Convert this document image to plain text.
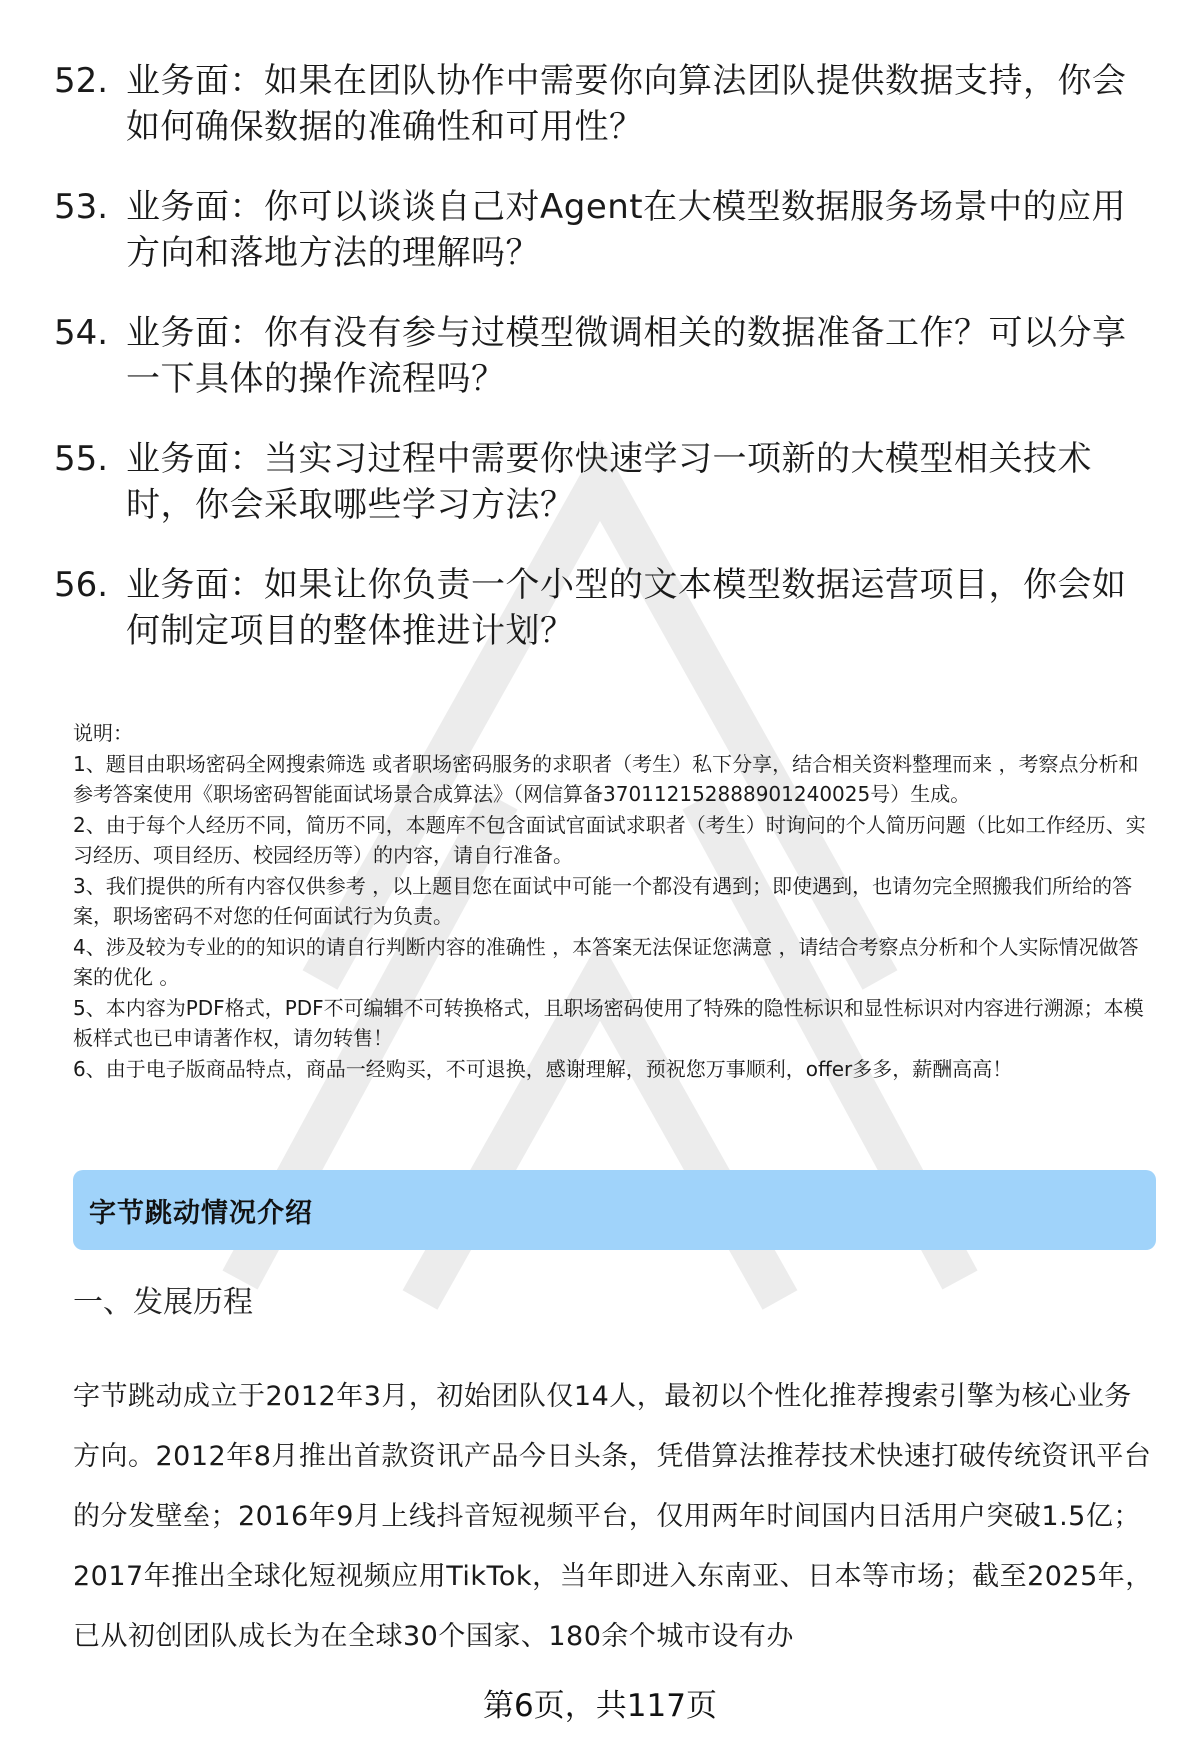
52. 业务面：如果在团队协作中需要你向算法团队提供数据支持，你会如何确保数据的准确性和可用性？
53. 业务面：你可以谈谈自己对Agent在大模型数据服务场景中的应用方向和落地方法的理解吗？
54. 业务面：你有没有参与过模型微调相关的数据准备工作？可以分享一下具体的操作流程吗？
55. 业务面：当实习过程中需要你快速学习一项新的大模型相关技术时，你会采取哪些学习方法？
56. 业务面：如果让你负责一个小型的文本模型数据运营项目，你会如何制定项目的整体推进计划？

说明：

1、题目由职场密码全网搜索筛选 或者职场密码服务的求职者（考生）私下分享，结合相关资料整理而来 ，考察点分析和参考答案使用《职场密码智能面试场景合成算法》（网信算备37011215288890124002​5号）生成。

2、由于每个人经历不同，简历不同，本题库不包含面试官面试求职者（考生）时询问的个人简历问题（比如工作经历、实习经历、项目经历、校园经历等）的内容，请自行准备。

3、我们提供的所有内容仅供参考 ，以上题目您在面试中可能一个都没有遇到；即使遇到，也请勿完全照搬我们所给的答案，职场密码不对您的任何面试行为负责。

4、涉及较为专业的的知识的请自行判断内容的准确性 ，本答案无法保证您满意 ，请结合考察点分析和个人实际情况做答案的优化 。

5、本内容为PDF格式，PDF不可编辑不可转换格式，且职场密码使用了特殊的隐性标识和显性标识对内容进行溯源；本模板样式也已申请著作权，请勿转售！

6、由于电子版商品特点，商品一经购买，不可退换，感谢理解，预祝您万事顺利，offer多多，薪酬高高！

字节跳动情况介绍
一、发展历程
字节跳动成立于2012年3月，初始团队仅14人，最初以个性化推荐搜索引擎为核心业务方向。2012年8月推出首款资讯产品今日头条，凭借算法推荐技术快速打破传统资讯平台的分发壁垒；2016年9月上线抖音短视频平台，仅用两年时间国内日活用户突破1.5亿；2017年推出全球化短视频应用TikTok，当年即进入东南亚、日本等市场；截至2025年，已从初创团队成长为在全球30个国家、180余个城市设有办
第6页，共117页
